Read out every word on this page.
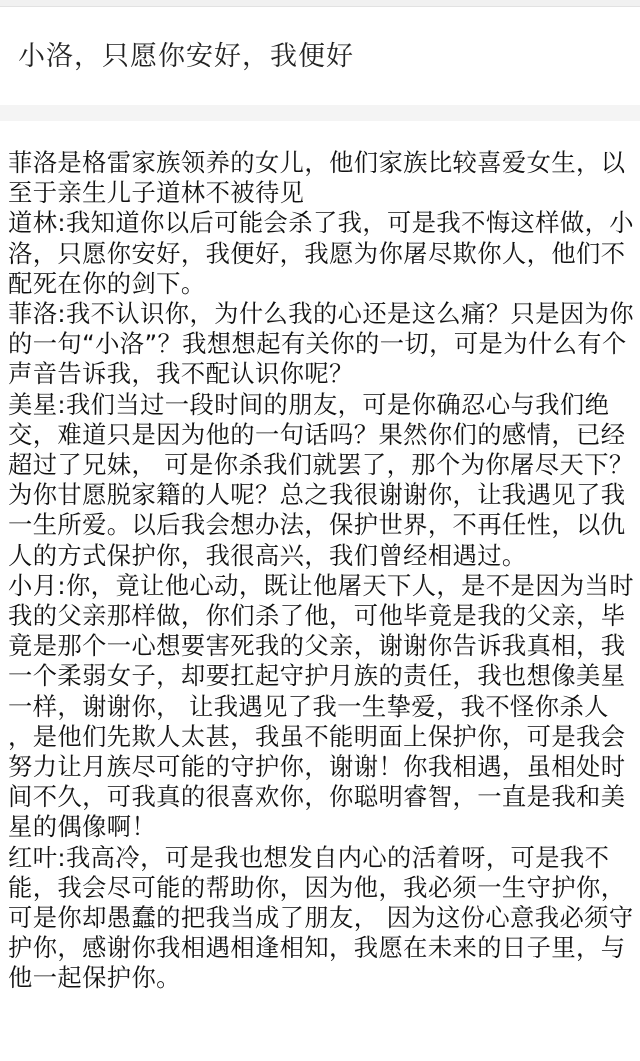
小洛，只愿你安好，我便好

菲洛是格雷家族领养的女儿，他们家族比较喜爱女生，以至于亲生儿子道林不被待见

道林:我知道你以后可能会杀了我，可是我不悔这样做，小洛，只愿你安好，我便好，我愿为你屠尽欺你人，他们不配死在你的剑下。

菲洛:我不认识你，为什么我的心还是这么痛？只是因为你的一句“小洛”？我想想起有关你的一切，可是为什么有个声音告诉我，我不配认识你呢？

美星:我们当过一段时间的朋友，可是你确忍心与我们绝交，难道只是因为他的一句话吗？果然你们的感情，已经超过了兄妹， 可是你杀我们就罢了，那个为你屠尽天下？为你甘愿脱家籍的人呢？总之我很谢谢你，让我遇见了我一生所爱。以后我会想办法，保护世界，不再任性，以仇人的方式保护你，我很高兴，我们曾经相遇过。

小月:你，竟让他心动，既让他屠天下人，是不是因为当时我的父亲那样做，你们杀了他，可他毕竟是我的父亲，毕竟是那个一心想要害死我的父亲，谢谢你告诉我真相，我一个柔弱女子，却要扛起守护月族的责任，我也想像美星一样，谢谢你， 让我遇见了我一生挚爱，我不怪你杀人 ，是他们先欺人太甚，我虽不能明面上保护你，可是我会努力让月族尽可能的守护你，谢谢！你我相遇，虽相处时间不久，可我真的很喜欢你，你聪明睿智，一直是我和美星的偶像啊！

红叶:我高冷，可是我也想发自内心的活着呀，可是我不能，我会尽可能的帮助你，因为他，我必须一生守护你，可是你却愚蠢的把我当成了朋友， 因为这份心意我必须守护你，感谢你我相遇相逢相知，我愿在未来的日子里，与他一起保护你。
